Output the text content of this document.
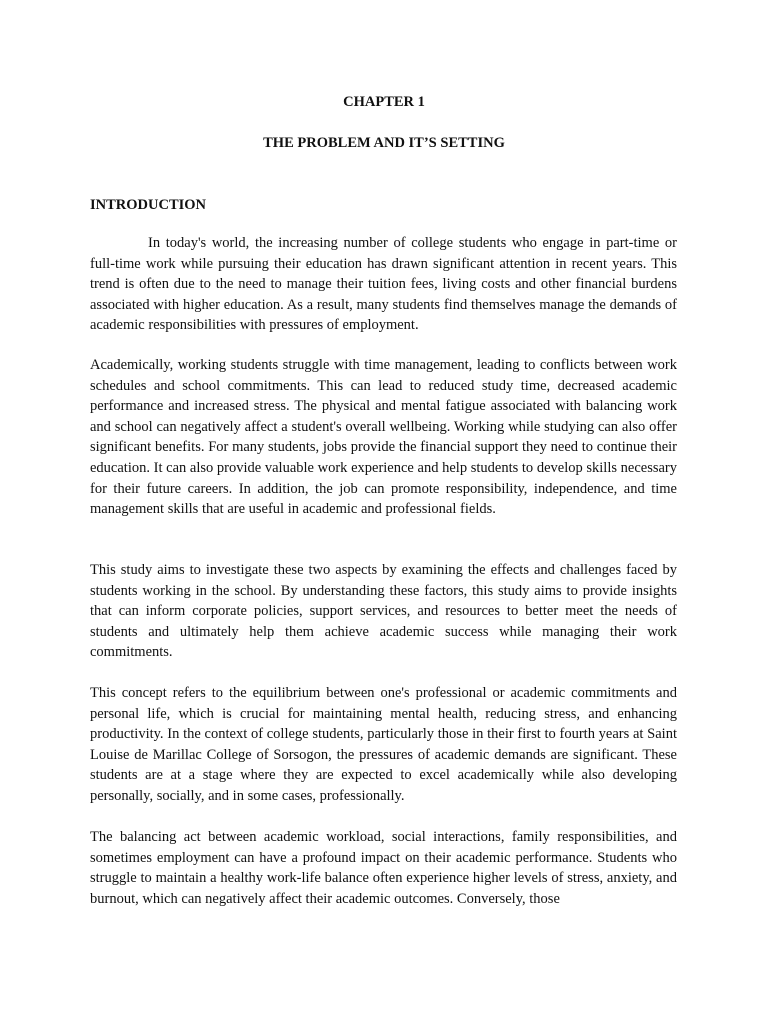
CHAPTER 1
THE PROBLEM AND IT’S SETTING
INTRODUCTION

In today's world, the increasing number of college students who engage in part-time or full-time work while pursuing their education has drawn significant attention in recent years. This trend is often due to the need to manage their tuition fees, living costs and other financial burdens associated with higher education. As a result, many students find themselves manage the demands of academic responsibilities with pressures of employment.

Academically, working students struggle with time management, leading to conflicts between work schedules and school commitments. This can lead to reduced study time, decreased academic performance and increased stress. The physical and mental fatigue associated with balancing work and school can negatively affect a student's overall wellbeing. Working while studying can also offer significant benefits. For many students, jobs provide the financial support they need to continue their education. It can also provide valuable work experience and help students to develop skills necessary for their future careers. In addition, the job can promote responsibility, independence, and time management skills that are useful in academic and professional fields.

This study aims to investigate these two aspects by examining the effects and challenges faced by students working in the school. By understanding these factors, this study aims to provide insights that can inform corporate policies, support services, and resources to better meet the needs of students and ultimately help them achieve academic success while managing their work commitments.

This concept refers to the equilibrium between one's professional or academic commitments and personal life, which is crucial for maintaining mental health, reducing stress, and enhancing productivity. In the context of college students, particularly those in their first to fourth years at Saint Louise de Marillac College of Sorsogon, the pressures of academic demands are significant. These students are at a stage where they are expected to excel academically while also developing personally, socially, and in some cases, professionally.

The balancing act between academic workload, social interactions, family responsibilities, and sometimes employment can have a profound impact on their academic performance. Students who struggle to maintain a healthy work-life balance often experience higher levels of stress, anxiety, and burnout, which can negatively affect their academic outcomes. Conversely, those
